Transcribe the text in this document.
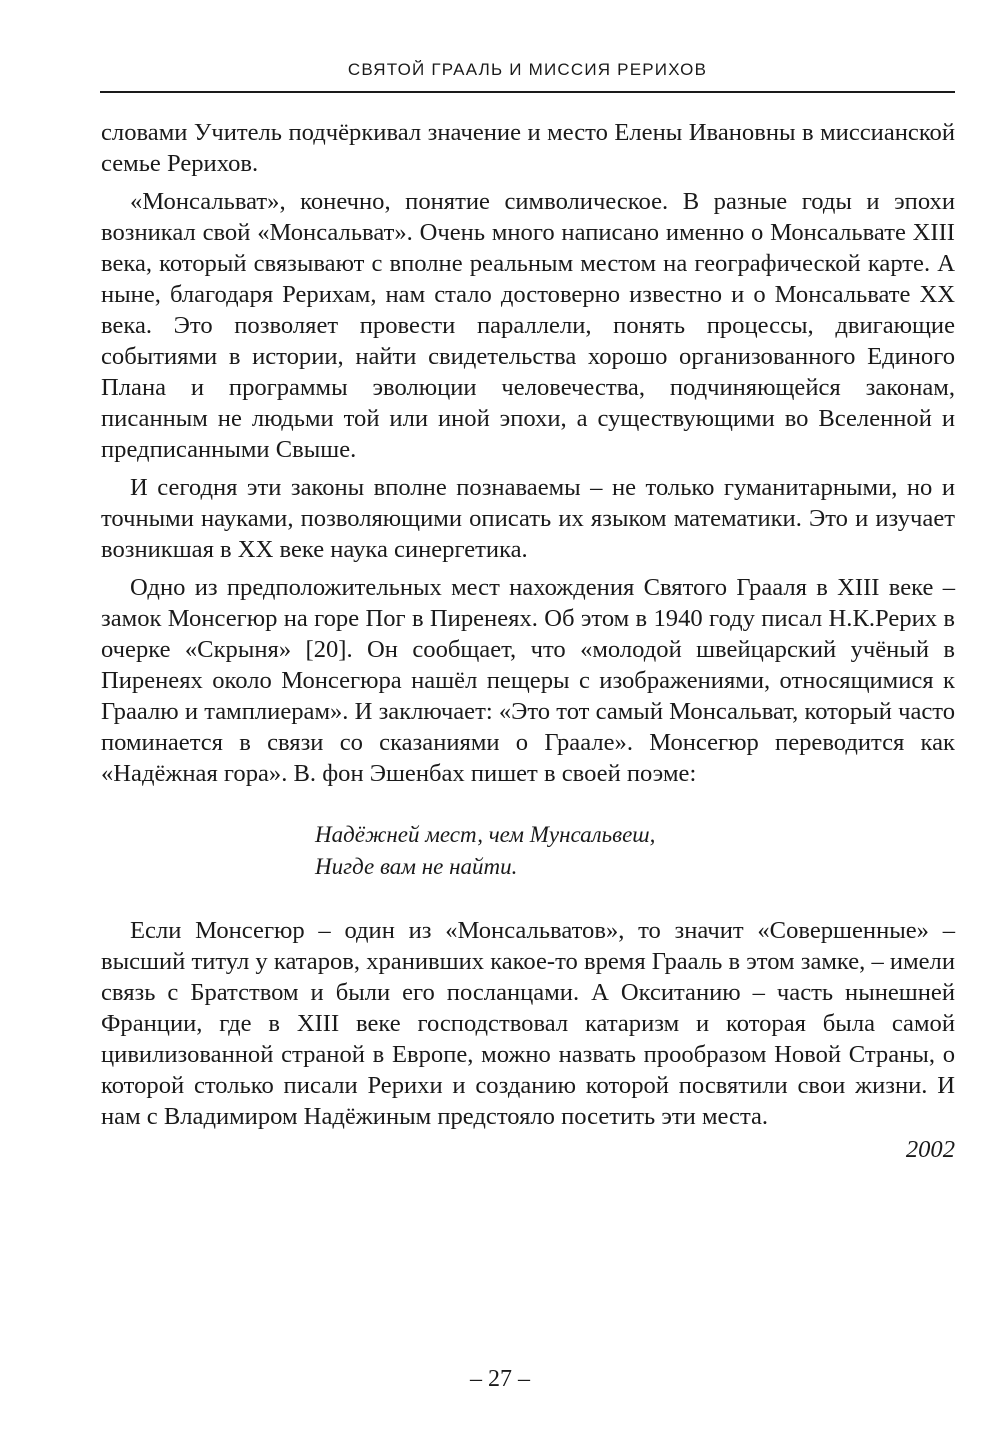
СВЯТОЙ ГРААЛЬ И МИССИЯ РЕРИХОВ

словами Учитель подчёркивал значение и место Елены Ивановны в миссианской семье Рерихов.

«Монсальват», конечно, понятие символическое. В разные годы и эпохи возникал свой «Монсальват». Очень много написано именно о Монсальвате XIII века, который связывают с вполне реальным местом на географической карте. А ныне, благодаря Рерихам, нам стало достоверно известно и о Монсальвате XX века. Это позволяет провести параллели, понять процессы, двигающие событиями в истории, найти свидетельства хорошо организованного Единого Плана и программы эволюции человечества, подчиняющейся законам, писанным не людьми той или иной эпохи, а существующими во Вселенной и предписанными Свыше.

И сегодня эти законы вполне познаваемы – не только гуманитарными, но и точными науками, позволяющими описать их языком математики. Это и изучает возникшая в XX веке наука синергетика.

Одно из предположительных мест нахождения Святого Грааля в XIII веке – замок Монсегюр на горе Пог в Пиренеях. Об этом в 1940 году писал Н.К.Рерих в очерке «Скрыня» [20]. Он сообщает, что «молодой швейцарский учёный в Пиренеях около Монсегюра нашёл пещеры с изображениями, относящимися к Граалю и тамплиерам». И заключает: «Это тот самый Монсальват, который часто поминается в связи со сказаниями о Граале». Монсегюр переводится как «Надёжная гора». В. фон Эшенбах пишет в своей поэме:

Надёжней мест, чем Мунсальвеш,
Нигде вам не найти.

Если Монсегюр – один из «Монсальватов», то значит «Совершенные» – высший титул у катаров, хранивших какое-то время Грааль в этом замке, – имели связь с Братством и были его посланцами. А Окситанию – часть нынешней Франции, где в XIII веке господствовал катаризм и которая была самой цивилизованной страной в Европе, можно назвать прообразом Новой Страны, о которой столько писали Рерихи и созданию которой посвятили свои жизни. И нам с Владимиром Надёжиным предстояло посетить эти места.

2002
– 27 –
